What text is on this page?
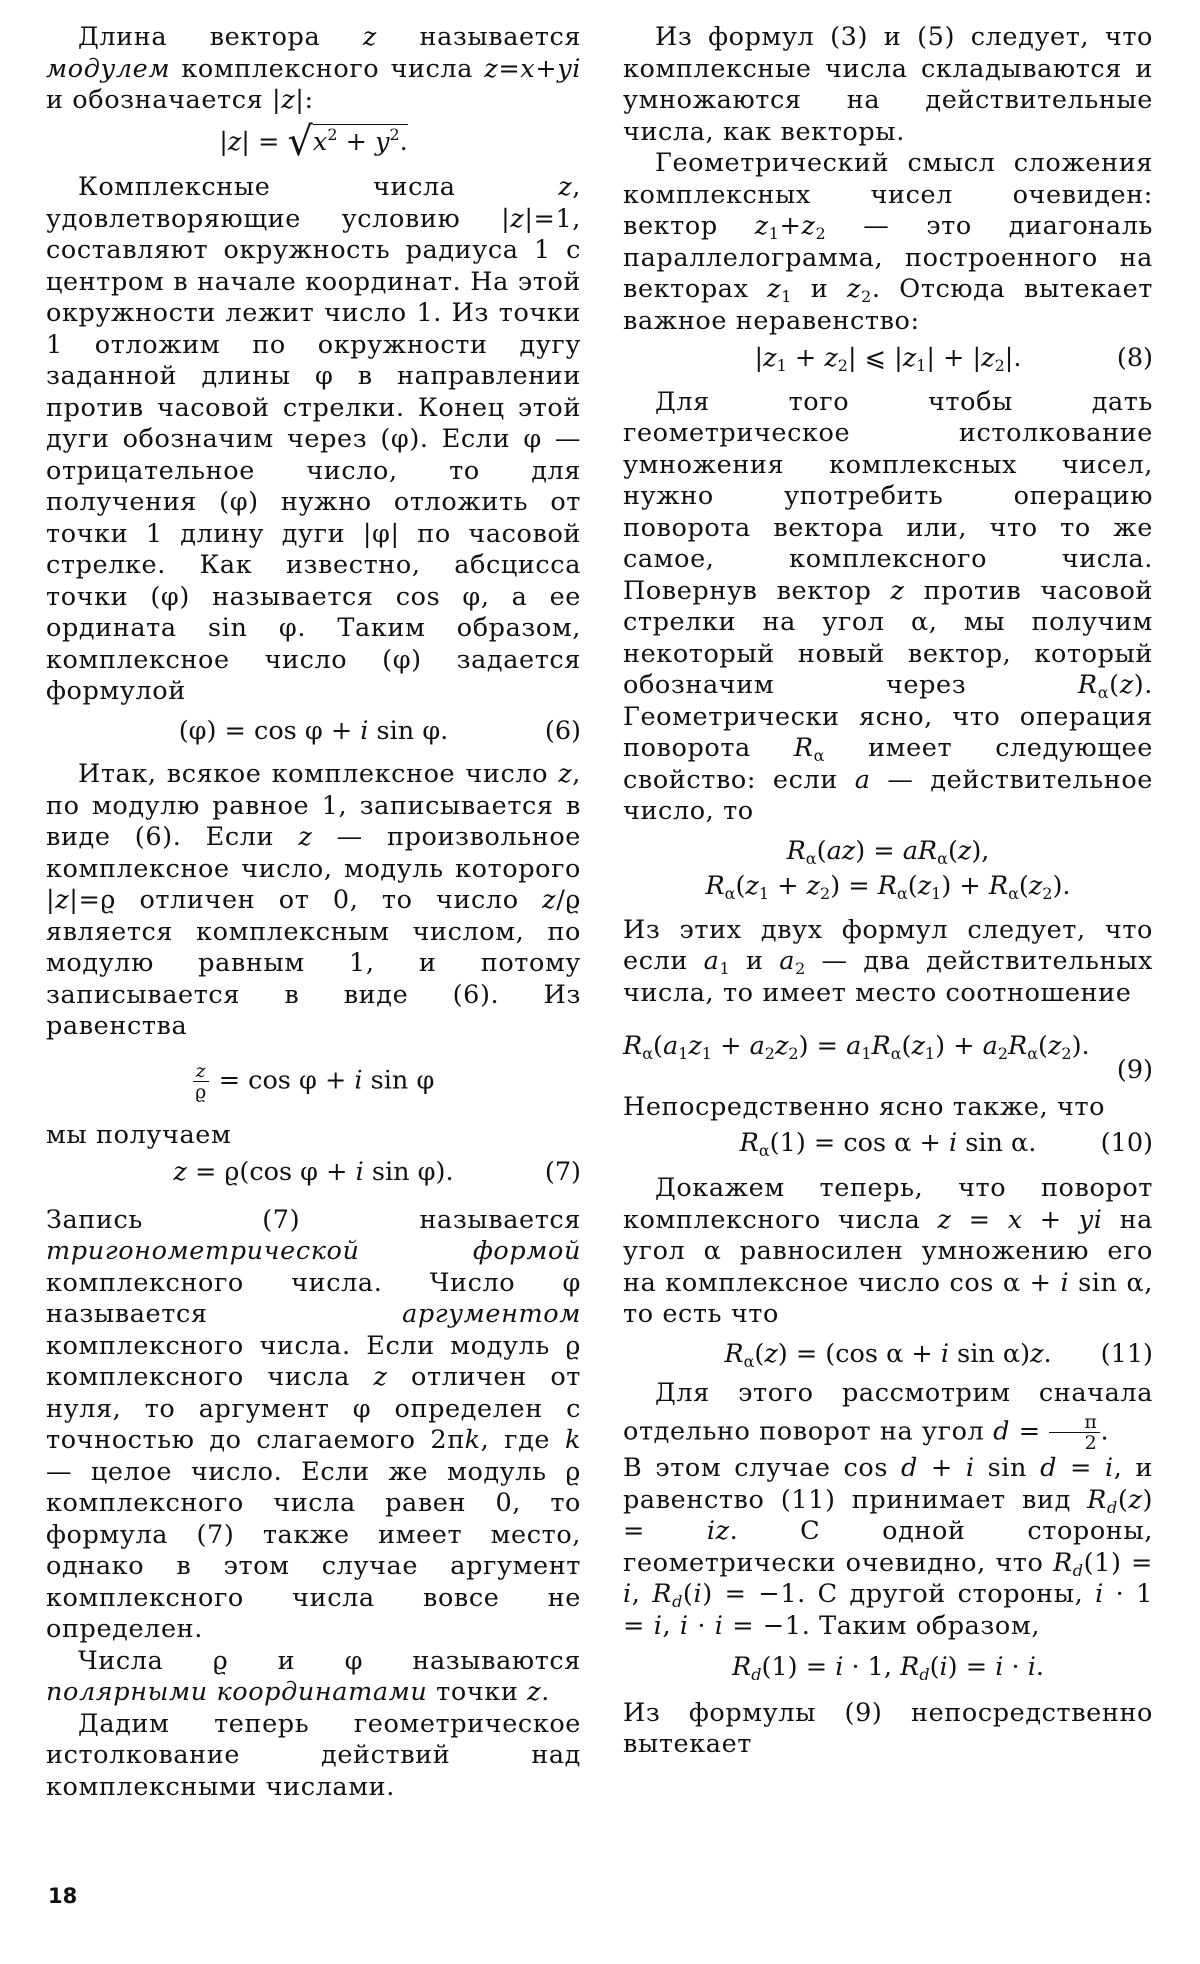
Длина вектора z называется модулем комплексного числа z=x+yi и обозначается |z|:

$|z| = √x^2 + y^2$.

Комплексные числа z, удовлетворяющие условию |z|=1, составляют окружность радиуса 1 с центром в начале координат. На этой окружности лежит число 1. Из точки 1 отложим по окружности дугу заданной длины φ в направлении против часовой стрелки. Конец этой дуги обозначим через (φ). Если φ — отрицательное число, то для получения (φ) нужно отложить от точки 1 длину дуги |φ| по часовой стрелке. Как известно, абсцисса точки (φ) называется cos φ, а ее ордината sin φ. Таким образом, комплексное число (φ) задается формулой

(φ) = cos φ + i sin φ.	(6)

Итак, всякое комплексное число z, по модулю равное 1, записывается в виде (6). Если z — произвольное комплексное число, модуль которого |z|=ϱ отличен от 0, то число z/ϱ является комплексным числом, по модулю равным 1, и потому записывается в виде (6). Из равенства

$\frac{z}{ϱ} = \cos \varphi + i$ sin φ

мы получаем

z = ϱ(cos φ + i sin φ).	(7)

Запись (7) называется тригонометрической формой комплексного числа. Число φ называется аргументом комплексного числа. Если модуль ϱ комплексного числа z отличен от нуля, то аргумент φ определен с точностью до слагаемого 2πk, где k — целое число. Если же модуль ϱ комплексного числа равен 0, то формула (7) также имеет место, однако в этом случае аргумент комплексного числа вовсе не определен.

Числа ϱ и φ называются полярными координатами точки z.

Дадим теперь геометрическое истолкование действий над комплексными числами.

Из формул (3) и (5) следует, что комплексные числа складываются и умножаются на действительные числа, как векторы.

Геометрический смысл сложения комплексных чисел очевиден: вектор $z_1+z_2$ — это диагональ параллелограмма, построенного на векторах $z_1$ и $z_2$. Отсюда вытекает важное неравенство:

$|z_1 + z_2|$ ⩽ $|z_1| + |z_2|$.	(8)

Для того чтобы дать геометрическое истолкование умножения комплексных чисел, нужно употребить операцию поворота вектора или, что то же самое, комплексного числа. Повернув вектор z против часовой стрелки на угол α, мы получим некоторый новый вектор, который обозначим через $R_\alpha(z)$. Геометрически ясно, что операция поворота $R_\alpha$ имеет следующее свойство: если a — действительное число, то

$R_\alpha(az) = aR_\alpha(z)$,
$R_\alpha(z_1 + z_2) = R_\alpha(z_1) + R_\alpha(z_2)$.

Из этих двух формул следует, что если $a_1$ и $a_2$ — два действительных числа, то имеет место соотношение

$R_\alpha(a_1z_1 + a_2z_2) = a_1R_\alpha(z_1) + a_2R_\alpha(z_2)$.
(9)

Непосредственно ясно также, что

$R_\alpha(1) = \cos \alpha + i$ sin α.	(10)

Докажем теперь, что поворот комплексного числа z = x + yi на угол α равносилен умножению его на комплексное число cos α + i sin α, то есть что

$R_\alpha(z) = (\cos$ α + i sin α)z. (11)

Для этого рассмотрим сначала отдельно поворот на угол $d = \frac{\pi}{2}$ .

В этом случае cos d + i sin d = i, и равенство (11) принимает вид $R_d(z)$ = iz. С одной стороны, геометрически очевидно, что $R_d(1) = i$, $R_d(i) = -1$. С другой стороны, i · 1 = i, i · i = −1. Таким образом,

$R_d(1) = i \cdot 1$, $R_d(i) = i \cdot i$.

Из формулы (9) непосредственно вытекает

18
